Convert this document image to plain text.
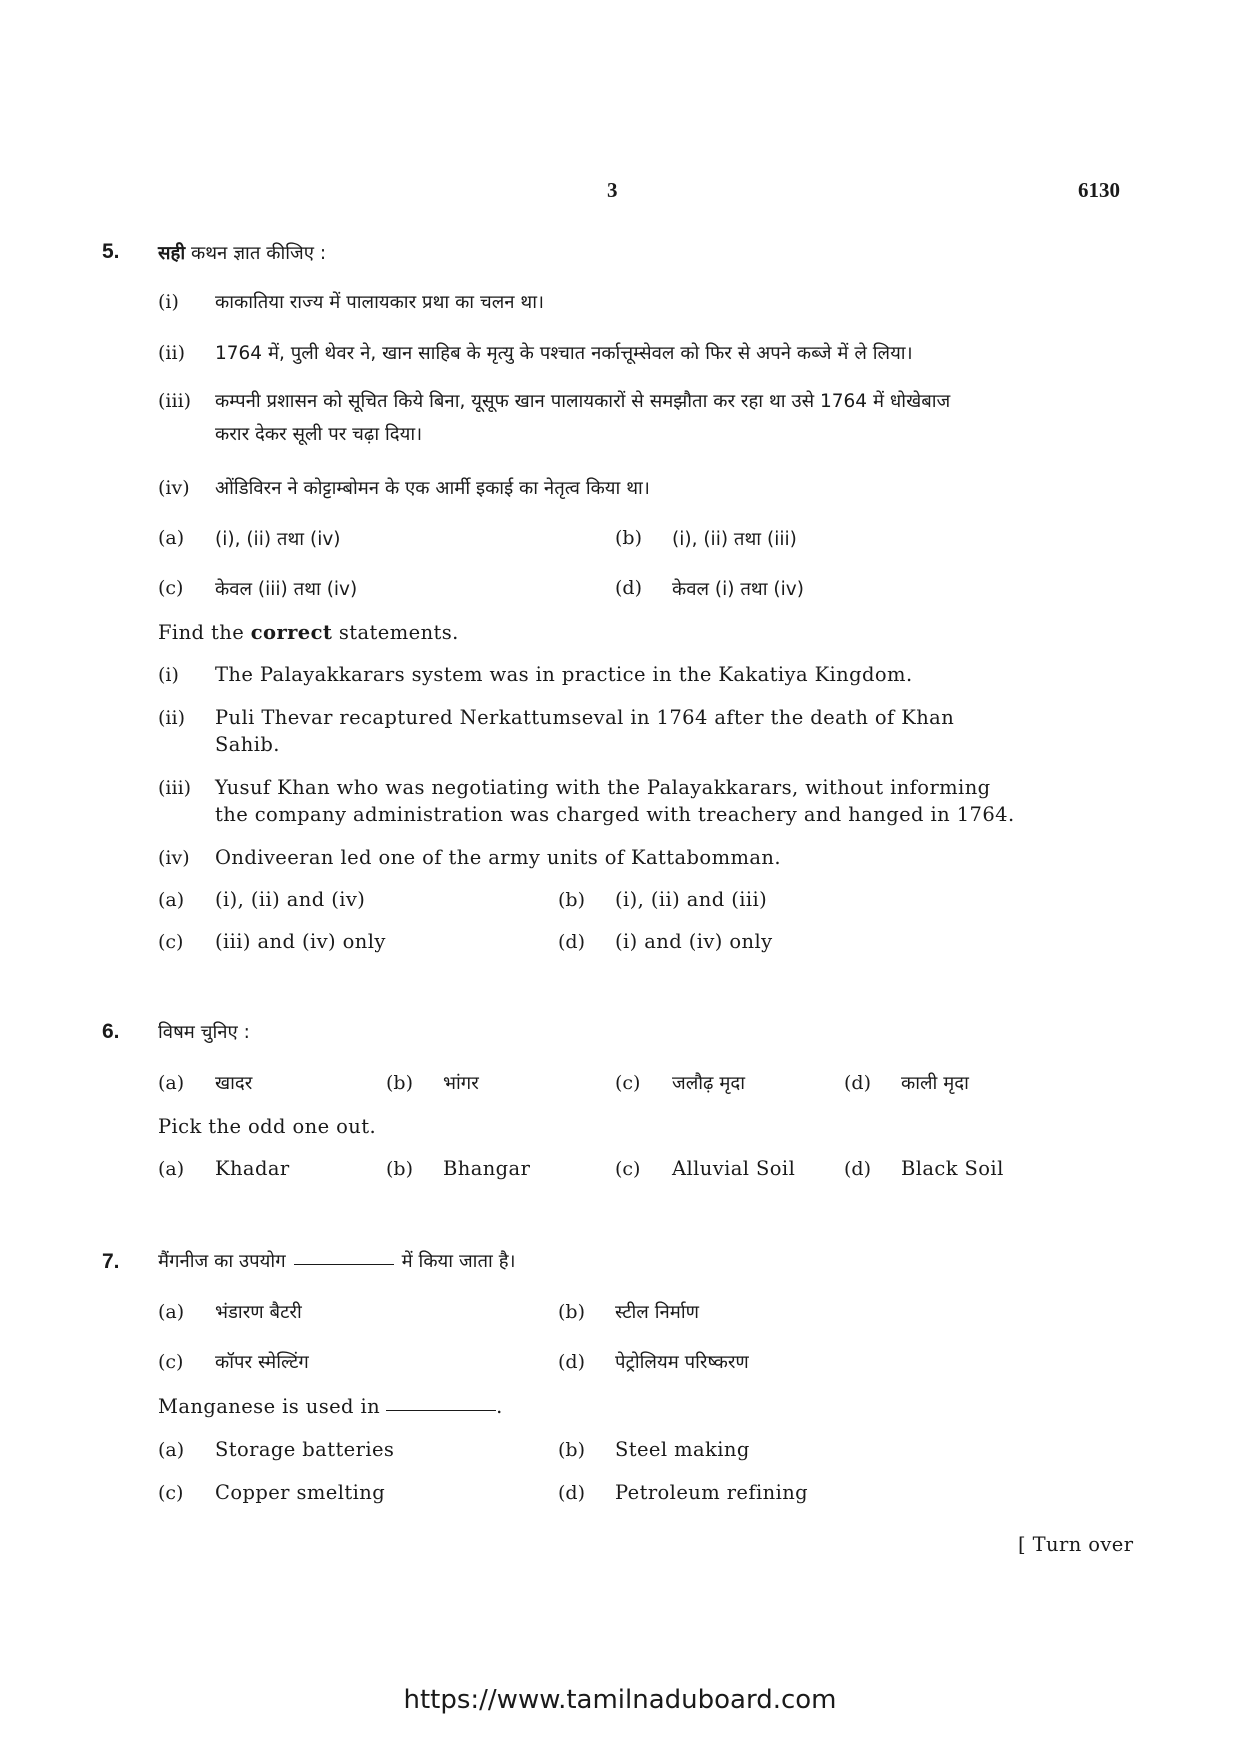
3	6130
5. सही कथन ज्ञात कीजिए :
(i) काकातिया राज्य में पालायकार प्रथा का चलन था।
(ii) 1764 में, पुली थेवर ने, खान साहिब के मृत्यु के पश्चात नर्कात्तूम्सेवल को फिर से अपने कब्जे में ले लिया।
(iii) कम्पनी प्रशासन को सूचित किये बिना, यूसूफ खान पालायकारों से समझौता कर रहा था उसे 1764 में धोखेबाज
करार देकर सूली पर चढ़ा दिया।
(iv) ओंडिविरन ने कोट्टाम्बोमन के एक आर्मी इकाई का नेतृत्व किया था।
(a) (i), (ii) तथा (iv)	(b) (i), (ii) तथा (iii)
(c) केवल (iii) तथा (iv)	(d) केवल (i) तथा (iv)
Find the correct statements.
(i) The Palayakkarars system was in practice in the Kakatiya Kingdom.
(ii) Puli Thevar recaptured Nerkattumseval in 1764 after the death of Khan
Sahib.
(iii) Yusuf Khan who was negotiating with the Palayakkarars, without informing
the company administration was charged with treachery and hanged in 1764.
(iv) Ondiveeran led one of the army units of Kattabomman.
(a) (i), (ii) and (iv)	(b) (i), (ii) and (iii)
(c) (iii) and (iv) only	(d) (i) and (iv) only
6. विषम चुनिए :
(a) खादर	(b) भांगर	(c) जलौढ़ मृदा	(d) काली मृदा
Pick the odd one out.
(a) Khadar	(b) Bhangar	(c) Alluvial Soil	(d) Black Soil
7. मैंगनीज का उपयोग	में किया जाता है।
(a) भंडारण बैटरी	(b) स्टील निर्माण
(c) कॉपर स्मेल्टिंग	(d) पेट्रोलियम परिष्करण
Manganese is used in	.
(a) Storage batteries	(b) Steel making
(c) Copper smelting	(d) Petroleum refining
[ Turn over
https://www.tamilnaduboard.com
